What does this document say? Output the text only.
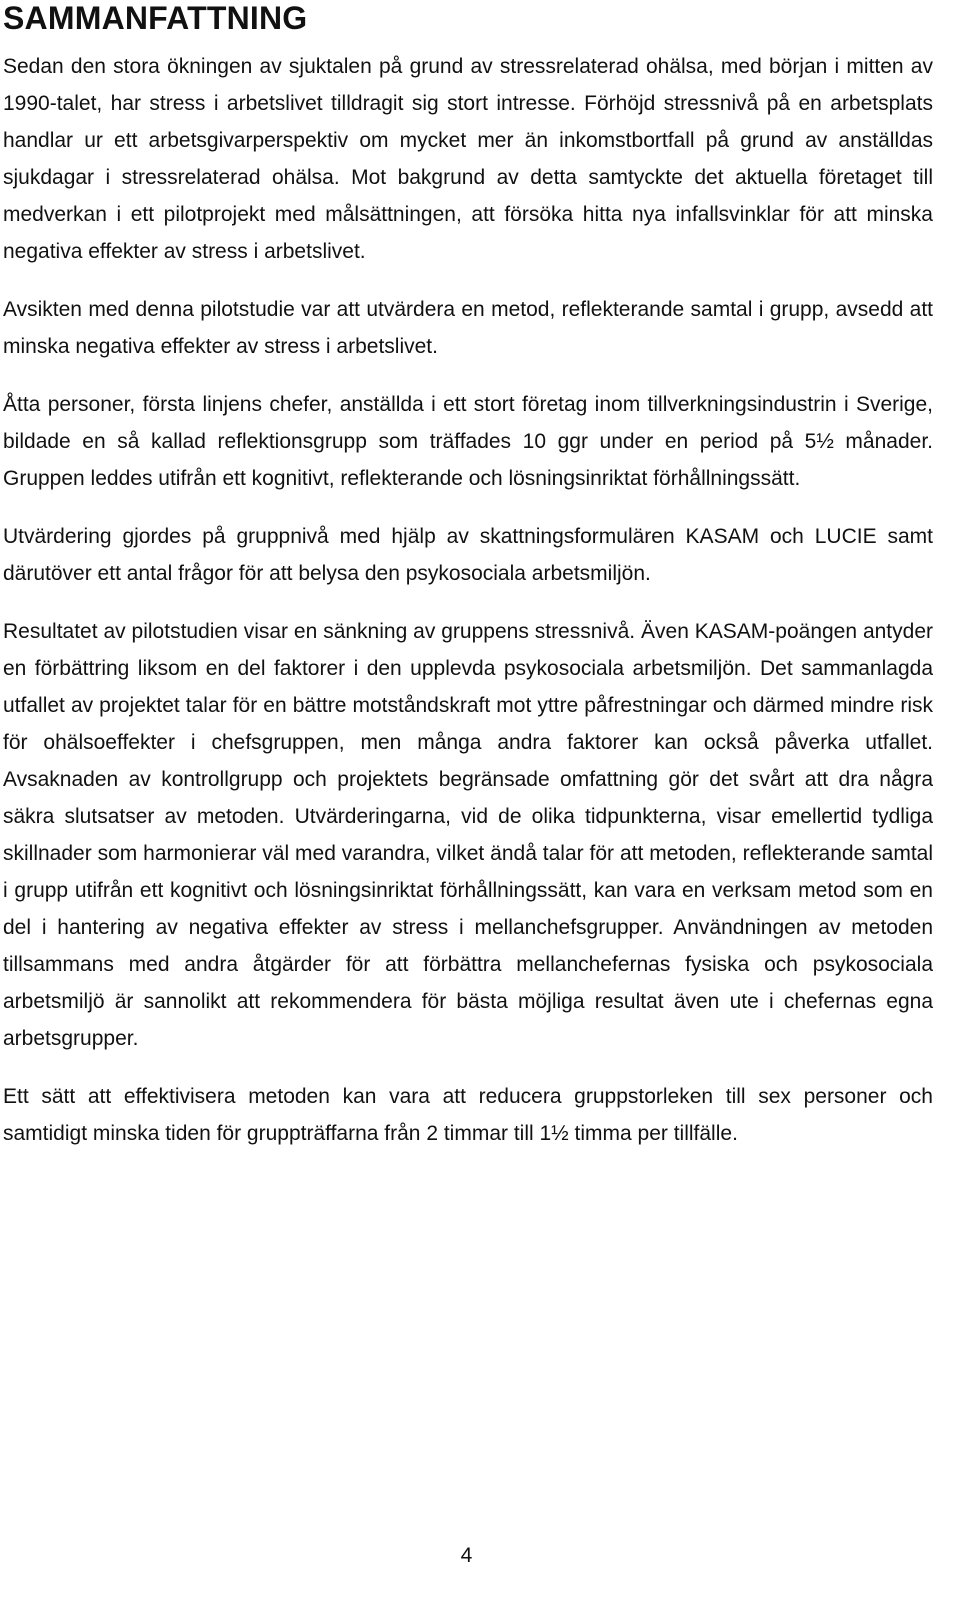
SAMMANFATTNING

Sedan den stora ökningen av sjuktalen på grund av stressrelaterad ohälsa, med början i mitten av 1990-talet, har stress i arbetslivet tilldragit sig stort intresse. Förhöjd stressnivå på en arbetsplats handlar ur ett arbetsgivarperspektiv om mycket mer än inkomstbortfall på grund av anställdas sjukdagar i stressrelaterad ohälsa. Mot bakgrund av detta samtyckte det aktuella företaget till medverkan i ett pilotprojekt med målsättningen, att försöka hitta nya infallsvinklar för att minska negativa effekter av stress i arbetslivet.

Avsikten med denna pilotstudie var att utvärdera en metod, reflekterande samtal i grupp, avsedd att minska negativa effekter av stress i arbetslivet.

Åtta personer, första linjens chefer, anställda i ett stort företag inom tillverkningsindustrin i Sverige, bildade en så kallad reflektionsgrupp som träffades 10 ggr under en period på 5½ månader. Gruppen leddes utifrån ett kognitivt, reflekterande och lösningsinriktat förhållningssätt.

Utvärdering gjordes på gruppnivå med hjälp av skattningsformulären KASAM och LUCIE samt därutöver ett antal frågor för att belysa den psykosociala arbetsmiljön.

Resultatet av pilotstudien visar en sänkning av gruppens stressnivå. Även KASAM-poängen antyder en förbättring liksom en del faktorer i den upplevda psykosociala arbetsmiljön. Det sammanlagda utfallet av projektet talar för en bättre motståndskraft mot yttre påfrestningar och därmed mindre risk för ohälsoeffekter i chefsgruppen, men många andra faktorer kan också påverka utfallet. Avsaknaden av kontrollgrupp och projektets begränsade omfattning gör det svårt att dra några säkra slutsatser av metoden. Utvärderingarna, vid de olika tidpunkterna, visar emellertid tydliga skillnader som harmonierar väl med varandra, vilket ändå talar för att metoden, reflekterande samtal i grupp utifrån ett kognitivt och lösningsinriktat förhållningssätt, kan vara en verksam metod som en del i hantering av negativa effekter av stress i mellanchefsgrupper. Användningen av metoden tillsammans med andra åtgärder för att förbättra mellanchefernas fysiska och psykosociala arbetsmiljö är sannolikt att rekommendera för bästa möjliga resultat även ute i chefernas egna arbetsgrupper.

Ett sätt att effektivisera metoden kan vara att reducera gruppstorleken till sex personer och samtidigt minska tiden för gruppträffarna från 2 timmar till 1½ timma per tillfälle.

4
